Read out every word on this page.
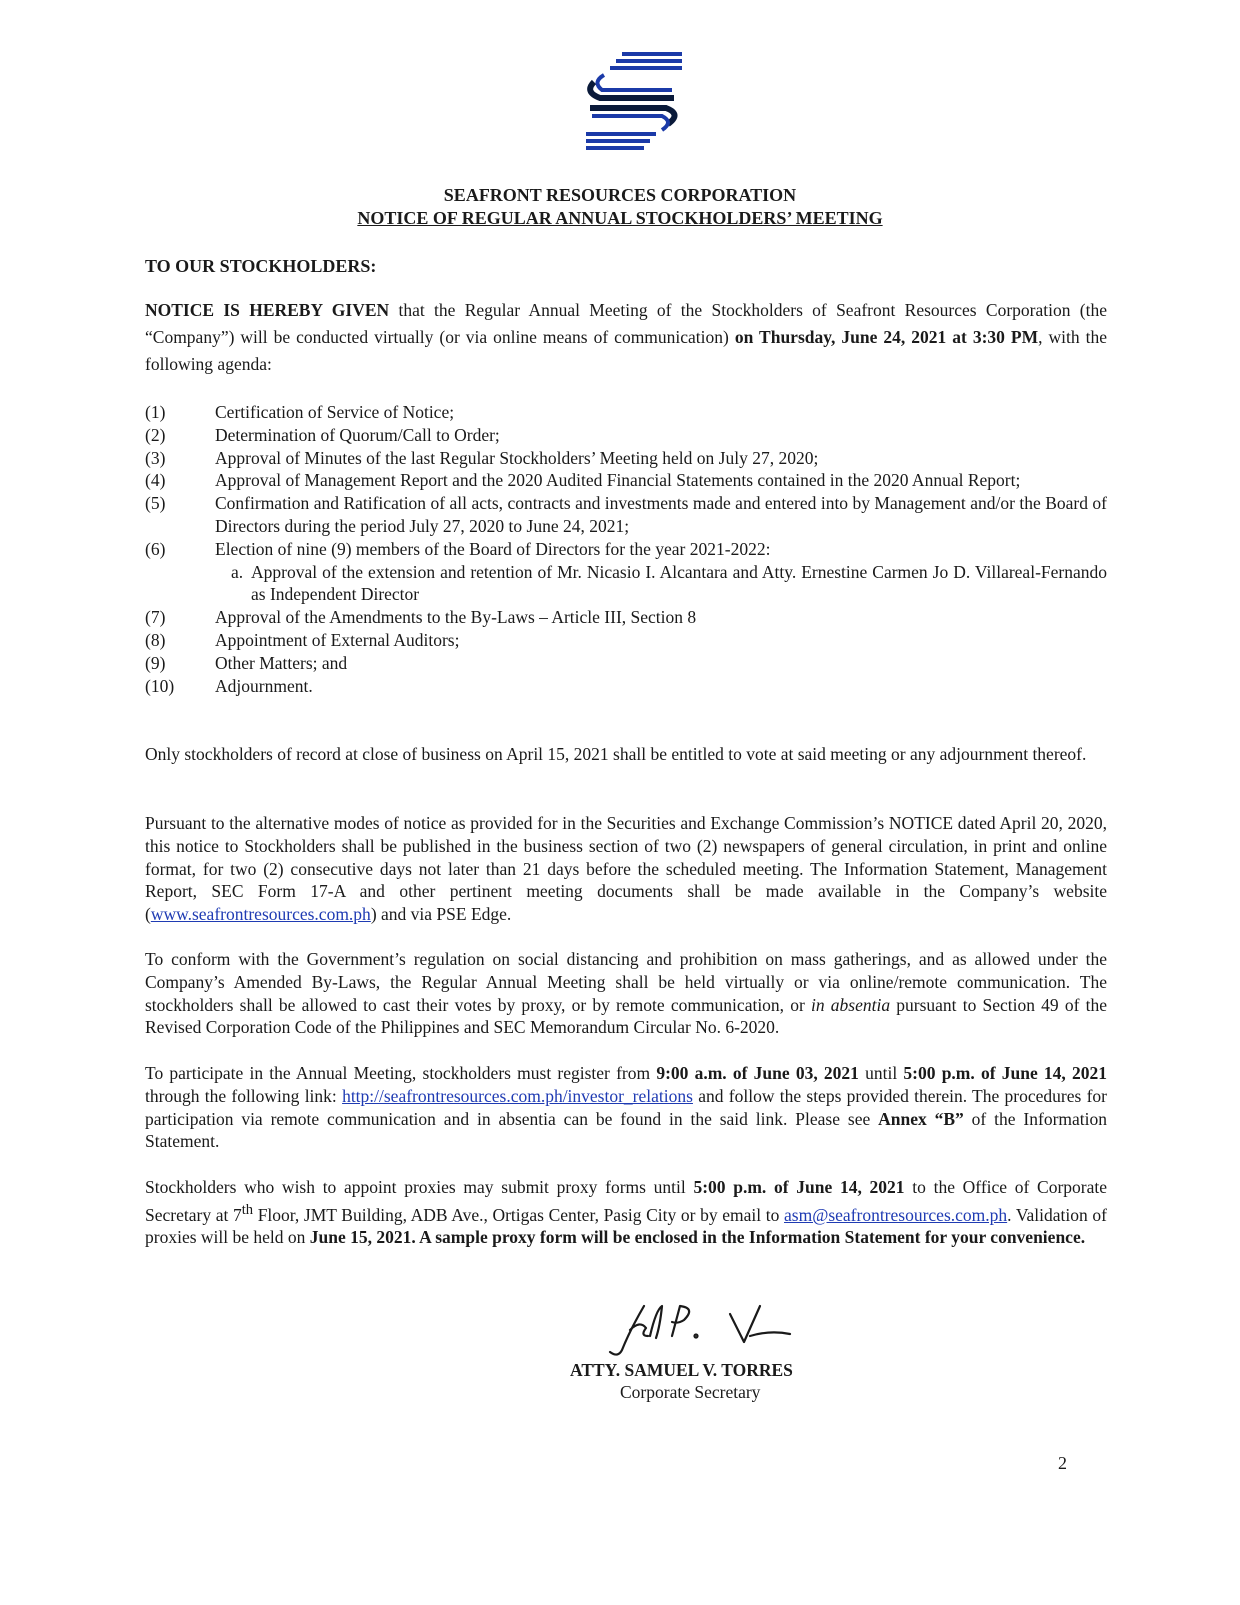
SEAFRONT RESOURCES CORPORATION
NOTICE OF REGULAR ANNUAL STOCKHOLDERS’ MEETING
TO OUR STOCKHOLDERS:

NOTICE IS HEREBY GIVEN that the Regular Annual Meeting of the Stockholders of Seafront Resources Corporation (the “Company”) will be conducted virtually (or via online means of communication) on Thursday, June 24, 2021 at 3:30 PM, with the following agenda:

(1)	Certification of Service of Notice;
(2)	Determination of Quorum/Call to Order;
(3)	Approval of Minutes of the last Regular Stockholders’ Meeting held on July 27, 2020;
(4)	Approval of Management Report and the 2020 Audited Financial Statements contained in the 2020 Annual Report;
(5)	Confirmation and Ratification of all acts, contracts and investments made and entered into by Management and/or the Board of Directors during the period July 27, 2020 to June 24, 2021;
(6)	Election of nine (9) members of the Board of Directors for the year 2021-2022:
a. Approval of the extension and retention of Mr. Nicasio I. Alcantara and Atty. Ernestine Carmen Jo D. Villareal-Fernando as Independent Director
(7)	Approval of the Amendments to the By-Laws – Article III, Section 8
(8)	Appointment of External Auditors;
(9)	Other Matters; and
(10)	Adjournment.

Only stockholders of record at close of business on April 15, 2021 shall be entitled to vote at said meeting or any adjournment thereof.

Pursuant to the alternative modes of notice as provided for in the Securities and Exchange Commission’s NOTICE dated April 20, 2020, this notice to Stockholders shall be published in the business section of two (2) newspapers of general circulation, in print and online format, for two (2) consecutive days not later than 21 days before the scheduled meeting. The Information Statement, Management Report, SEC Form 17-A and other pertinent meeting documents shall be made available in the Company’s website (www.seafrontresources.com.ph) and via PSE Edge.

To conform with the Government’s regulation on social distancing and prohibition on mass gatherings, and as allowed under the Company’s Amended By-Laws, the Regular Annual Meeting shall be held virtually or via online/remote communication. The stockholders shall be allowed to cast their votes by proxy, or by remote communication, or in absentia pursuant to Section 49 of the Revised Corporation Code of the Philippines and SEC Memorandum Circular No. 6-2020.

To participate in the Annual Meeting, stockholders must register from 9:00 a.m. of June 03, 2021 until 5:00 p.m. of June 14, 2021 through the following link: http://seafrontresources.com.ph/investor_relations and follow the steps provided therein. The procedures for participation via remote communication and in absentia can be found in the said link. Please see Annex “B” of the Information Statement.

Stockholders who wish to appoint proxies may submit proxy forms until 5:00 p.m. of June 14, 2021 to the Office of Corporate Secretary at 7th Floor, JMT Building, ADB Ave., Ortigas Center, Pasig City or by email to asm@seafrontresources.com.ph. Validation of proxies will be held on June 15, 2021. A sample proxy form will be enclosed in the Information Statement for your convenience.

ATTY. SAMUEL V. TORRES
Corporate Secretary
2
